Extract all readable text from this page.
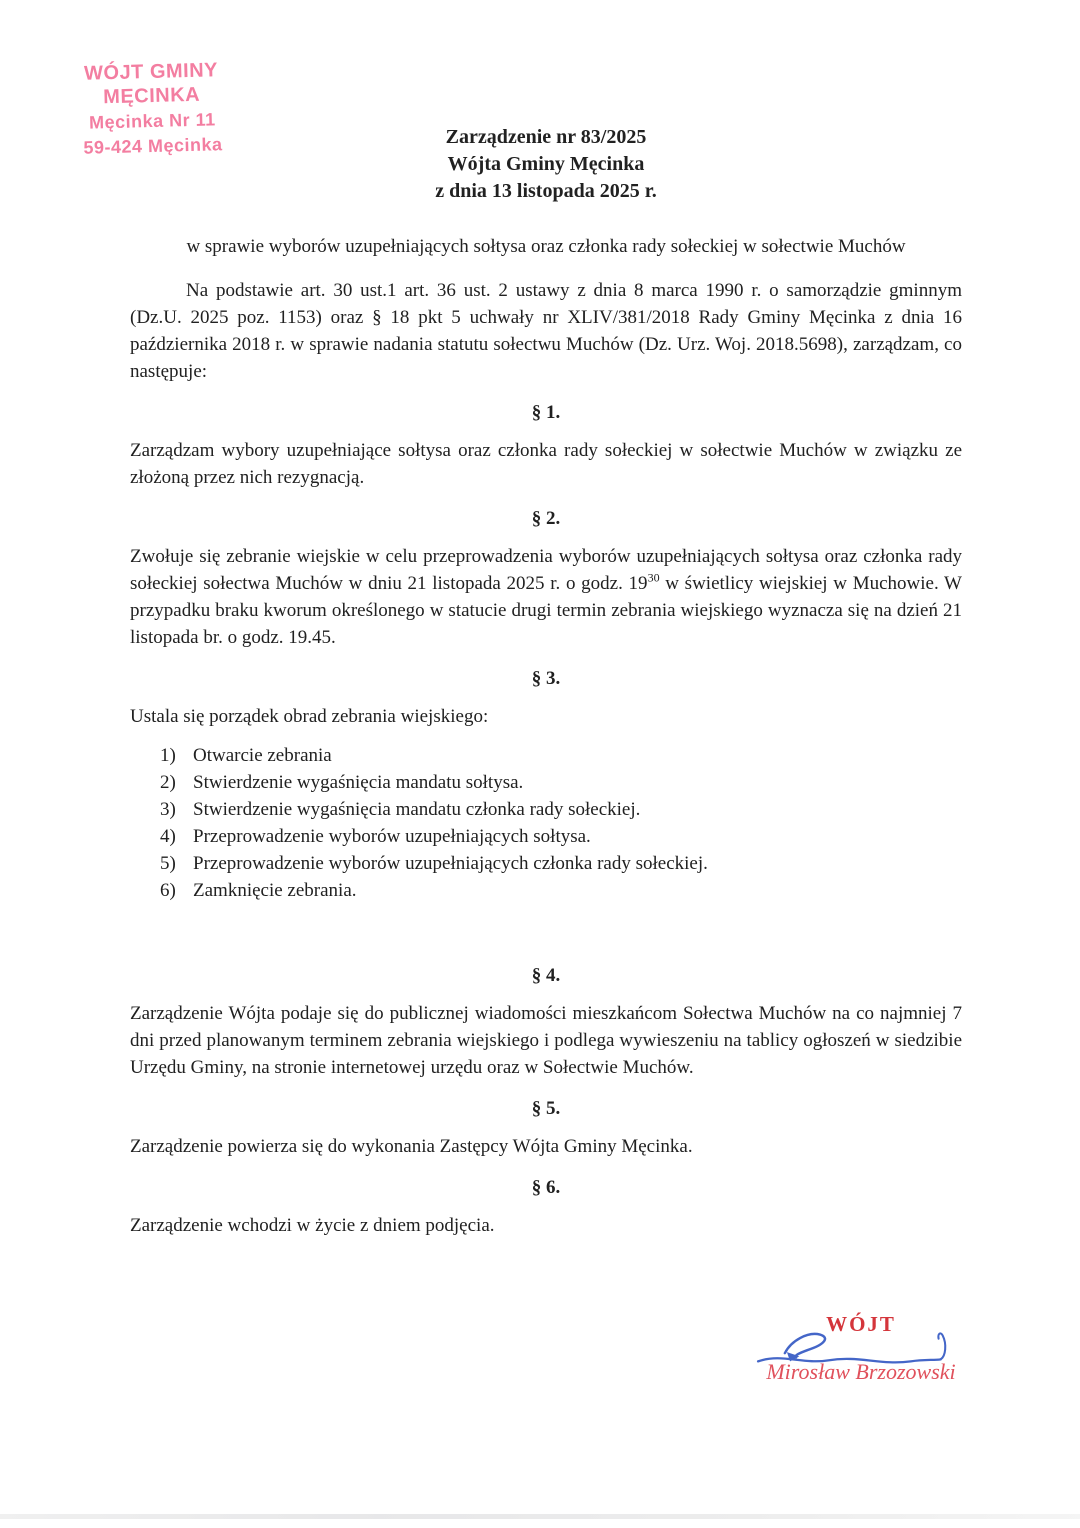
WÓJT GMINY MĘCINKA
Męcinka Nr 11
59-424 Męcinka	Zarządzenie nr 83/2025
Wójta Gminy Męcinka
z dnia 13 listopada 2025 r.
w sprawie wyborów uzupełniających sołtysa oraz członka rady sołeckiej w sołectwie Muchów

Na podstawie art. 30 ust.1 art. 36 ust. 2 ustawy z dnia 8 marca 1990 r. o samorządzie gminnym (Dz.U. 2025 poz. 1153) oraz § 18 pkt 5 uchwały nr XLIV/381/2018 Rady Gminy Męcinka z dnia 16 października 2018 r. w sprawie nadania statutu sołectwu Muchów (Dz. Urz. Woj. 2018.5698), zarządzam, co następuje:

§ 1.

Zarządzam wybory uzupełniające sołtysa oraz członka rady sołeckiej w sołectwie Muchów w związku ze złożoną przez nich rezygnacją.

§ 2.

Zwołuje się zebranie wiejskie w celu przeprowadzenia wyborów uzupełniających sołtysa oraz członka rady sołeckiej sołectwa Muchów w dniu 21 listopada 2025 r. o godz. $19^{30}$ w świetlicy wiejskiej w Muchowie. W przypadku braku kworum określonego w statucie drugi termin zebrania wiejskiego wyznacza się na dzień 21 listopada br. o godz. 19.45.

§ 3.

Ustala się porządek obrad zebrania wiejskiego:

1) Otwarcie zebrania
2) Stwierdzenie wygaśnięcia mandatu sołtysa.
3) Stwierdzenie wygaśnięcia mandatu członka rady sołeckiej.
4) Przeprowadzenie wyborów uzupełniających sołtysa.
5) Przeprowadzenie wyborów uzupełniających członka rady sołeckiej.
6) Zamknięcie zebrania.
§ 4.

Zarządzenie Wójta podaje się do publicznej wiadomości mieszkańcom Sołectwa Muchów na co najmniej 7 dni przed planowanym terminem zebrania wiejskiego i podlega wywieszeniu na tablicy ogłoszeń w siedzibie Urzędu Gminy, na stronie internetowej urzędu oraz w Sołectwie Muchów.

§ 5.

Zarządzenie powierza się do wykonania Zastępcy Wójta Gminy Męcinka.

§ 6.

Zarządzenie wchodzi w życie z dniem podjęcia.

WÓJT
Mirosław Brzozowski
